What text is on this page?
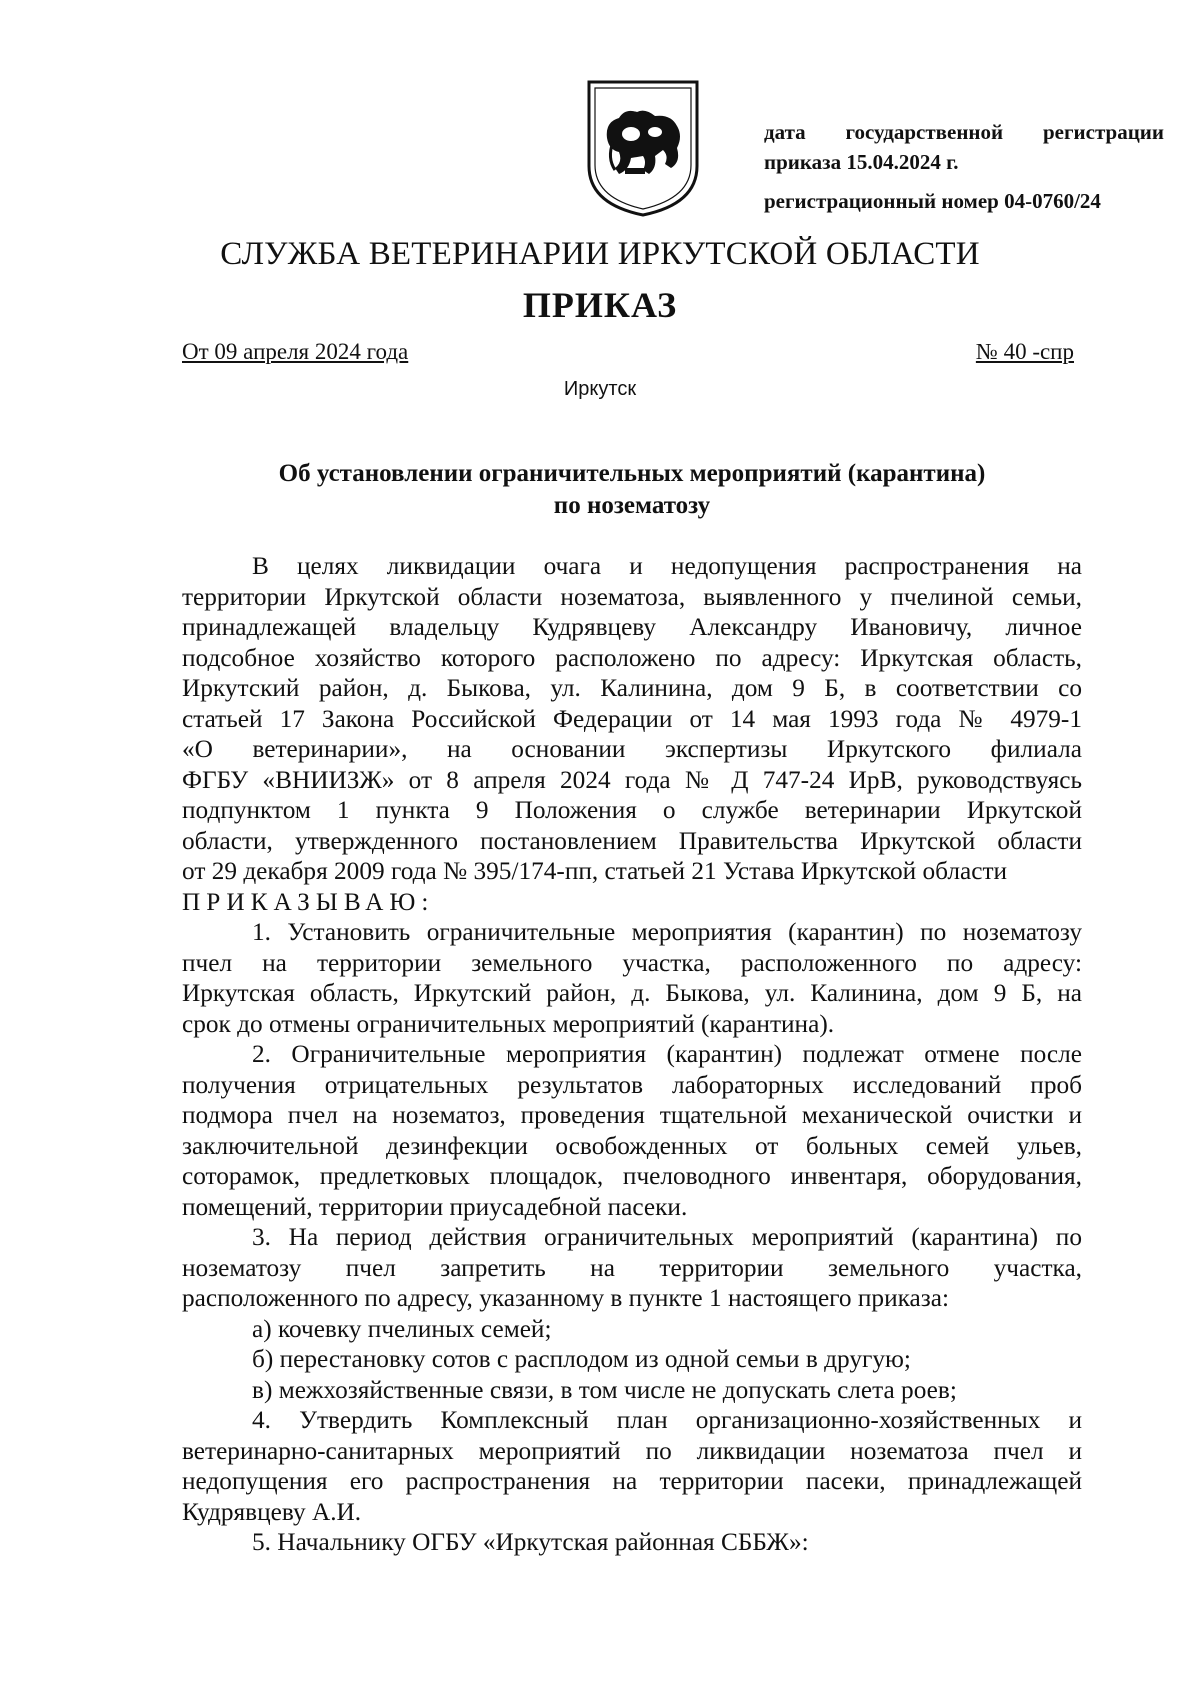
дата государственной регистрации
приказа 15.04.2024 г.
регистрационный номер 04-0760/24
СЛУЖБА ВЕТЕРИНАРИИ ИРКУТСКОЙ ОБЛАСТИ
ПРИКАЗ
От 09 апреля 2024 года	№ 40 -спр
Иркутск
Об установлении ограничительных мероприятий (карантина)
по нозематозу
В целях ликвидации очага и недопущения распространения на
территории Иркутской области нозематоза, выявленного у пчелиной семьи,
принадлежащей владельцу Кудрявцеву Александру Ивановичу, личное
подсобное хозяйство которого расположено по адресу: Иркутская область,
Иркутский район, д. Быкова, ул. Калинина, дом 9 Б, в соответствии со
статьей 17 Закона Российской Федерации от 14 мая 1993 года № 4979-1
«О ветеринарии», на основании экспертизы Иркутского филиала
ФГБУ «ВНИИЗЖ» от 8 апреля 2024 года № Д 747-24 ИрВ, руководствуясь
подпунктом 1 пункта 9 Положения о службе ветеринарии Иркутской
области, утвержденного постановлением Правительства Иркутской области
от 29 декабря 2009 года № 395/174-пп, статьей 21 Устава Иркутской области
ПРИКАЗЫВАЮ:
1. Установить ограничительные мероприятия (карантин) по нозематозу
пчел на территории земельного участка, расположенного по адресу:
Иркутская область, Иркутский район, д. Быкова, ул. Калинина, дом 9 Б, на
срок до отмены ограничительных мероприятий (карантина).
2. Ограничительные мероприятия (карантин) подлежат отмене после
получения отрицательных результатов лабораторных исследований проб
подмора пчел на нозематоз, проведения тщательной механической очистки и
заключительной дезинфекции освобожденных от больных семей ульев,
соторамок, предлетковых площадок, пчеловодного инвентаря, оборудования,
помещений, территории приусадебной пасеки.
3. На период действия ограничительных мероприятий (карантина) по
нозематозу пчел запретить на территории земельного участка,
расположенного по адресу, указанному в пункте 1 настоящего приказа:
а) кочевку пчелиных семей;
б) перестановку сотов с расплодом из одной семьи в другую;
в) межхозяйственные связи, в том числе не допускать слета роев;
4. Утвердить Комплексный план организационно-хозяйственных и
ветеринарно-санитарных мероприятий по ликвидации нозематоза пчел и
недопущения его распространения на территории пасеки, принадлежащей
Кудрявцеву А.И.
5. Начальнику ОГБУ «Иркутская районная СББЖ»:
